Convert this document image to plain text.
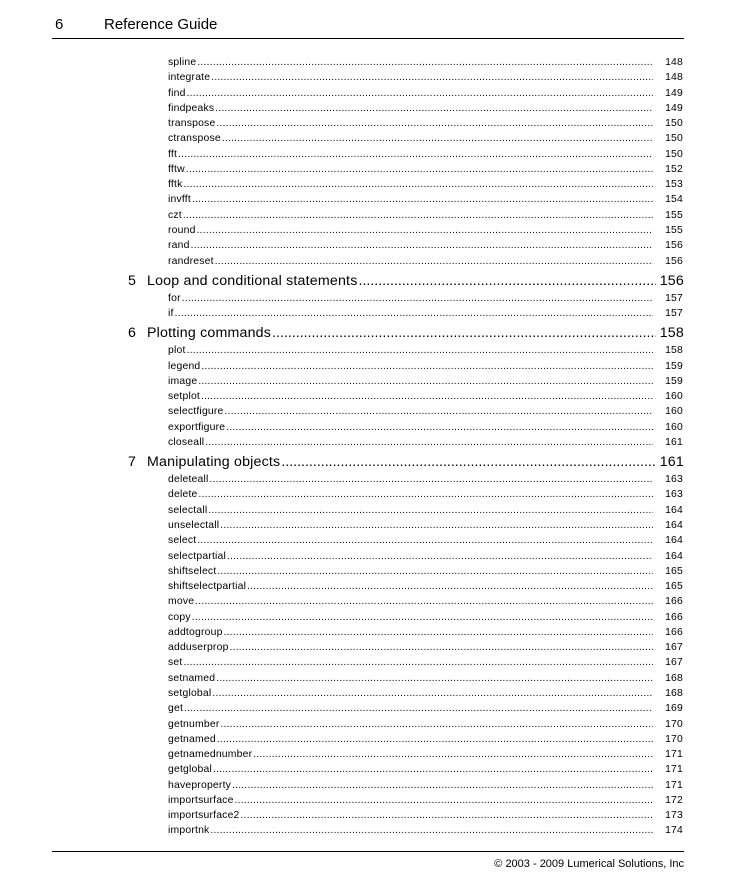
6	Reference Guide
spline .....	148
integrate .....	148
find .....	149
findpeaks .....	149
transpose .....	150
ctranspose .....	150
fft .....	150
fftw .....	152
fftk .....	153
invfft .....	154
czt .....	155
round .....	155
rand .....	156
randreset .....	156
5 Loop and conditional statements .....	156
for .....	157
if .....	157
6 Plotting commands .....	158
plot .....	158
legend .....	159
image .....	159
setplot .....	160
selectfigure .....	160
exportfigure .....	160
closeall .....	161
7 Manipulating objects .....	161
deleteall .....	163
delete .....	163
selectall .....	164
unselectall .....	164
select .....	164
selectpartial .....	164
shiftselect .....	165
shiftselectpartial .....	165
move .....	166
copy .....	166
addtogroup .....	166
adduserprop .....	167
set .....	167
setnamed .....	168
setglobal .....	168
get .....	169
getnumber .....	170
getnamed .....	170
getnamednumber .....	171
getglobal .....	171
haveproperty .....	171
importsurface .....	172
importsurface2 .....	173
importnk .....	174
© 2003 - 2009 Lumerical Solutions, Inc
